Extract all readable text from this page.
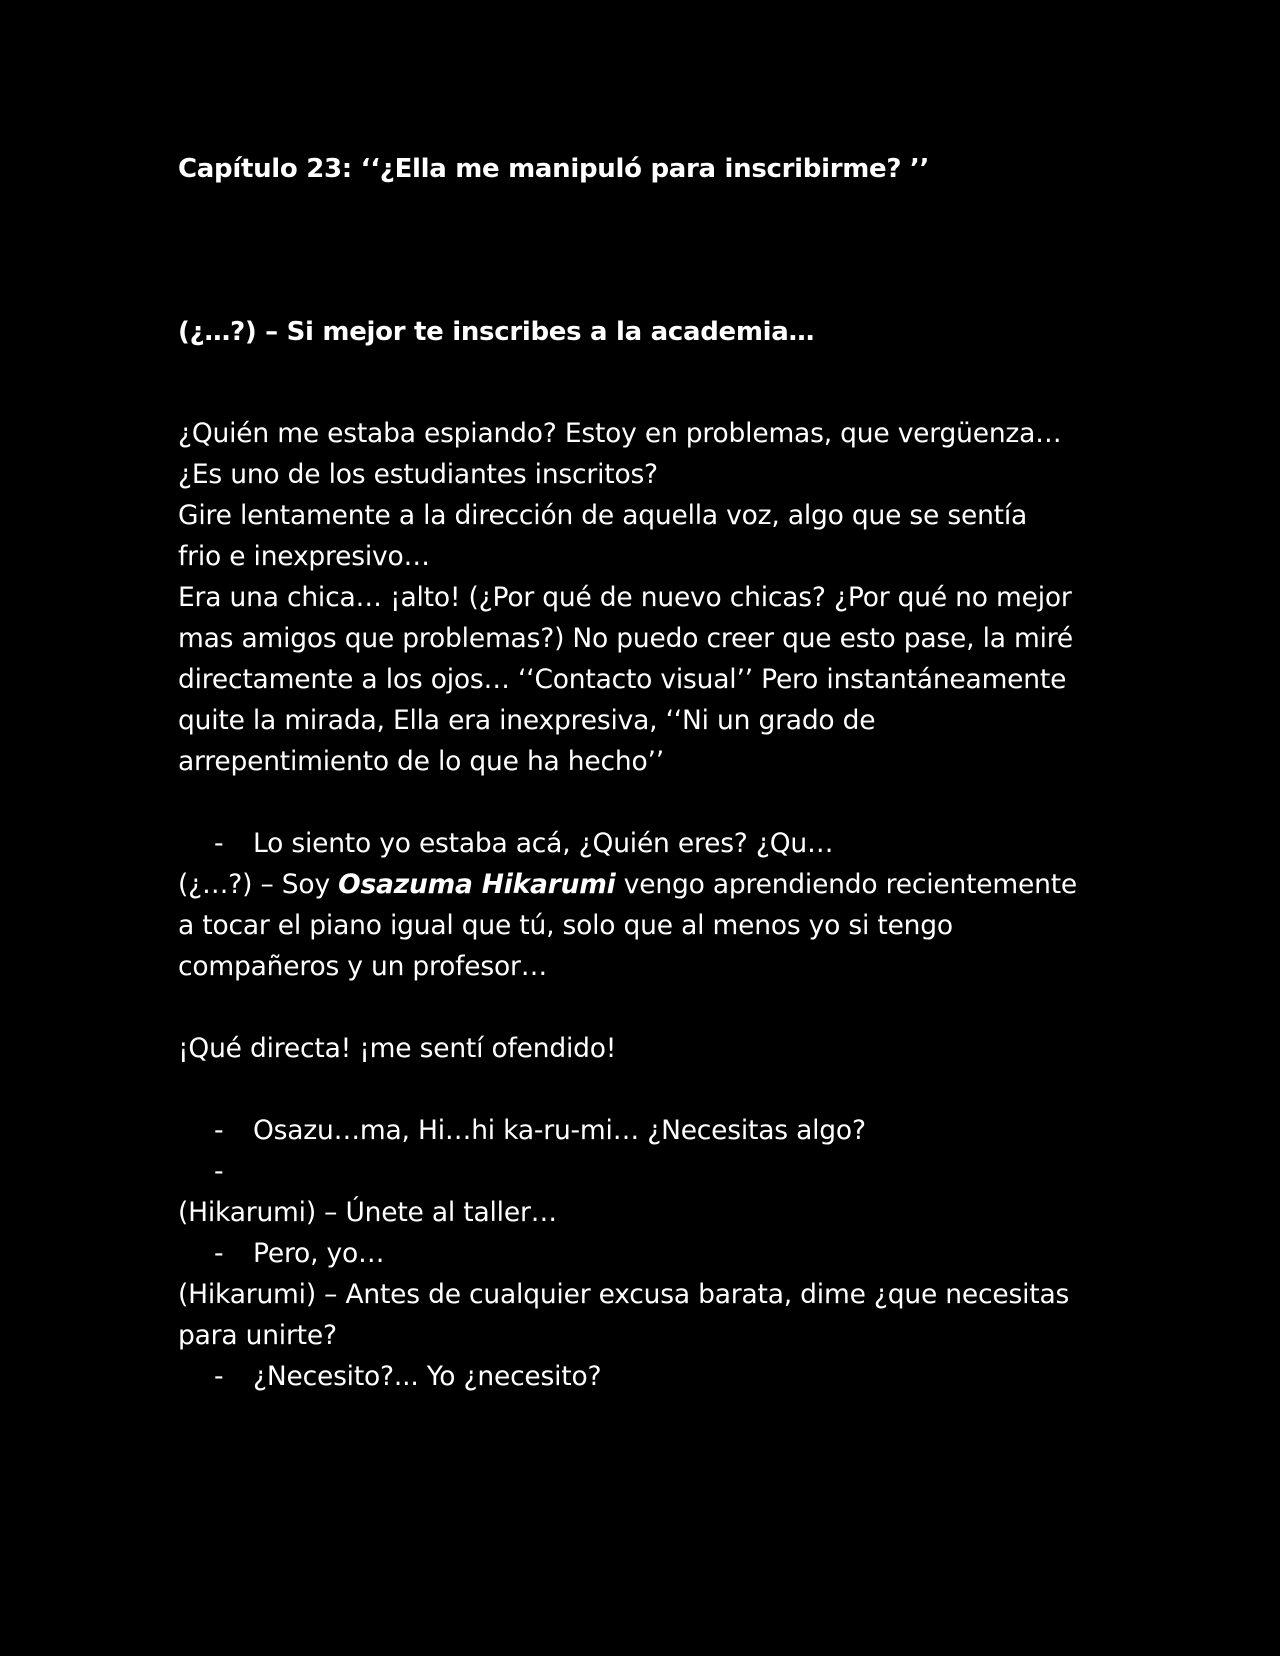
Capítulo 23: ‘‘¿Ella me manipuló para inscribirme? ’’
(¿…?) – Si mejor te inscribes a la academia…
¿Quién me estaba espiando? Estoy en problemas, que vergüenza…
¿Es uno de los estudiantes inscritos?
Gire lentamente a la dirección de aquella voz, algo que se sentía
frio e inexpresivo…
Era una chica… ¡alto! (¿Por qué de nuevo chicas? ¿Por qué no mejor
mas amigos que problemas?) No puedo creer que esto pase, la miré
directamente a los ojos… ‘‘Contacto visual’’ Pero instantáneamente
quite la mirada, Ella era inexpresiva, ‘‘Ni un grado de
arrepentimiento de lo que ha hecho’’
- Lo siento yo estaba acá, ¿Quién eres? ¿Qu…
(¿…?) – Soy Osazuma Hikarumi vengo aprendiendo recientemente
a tocar el piano igual que tú, solo que al menos yo si tengo
compañeros y un profesor…
¡Qué directa! ¡me sentí ofendido!
- Osazu…ma, Hi…hi ka-ru-mi… ¿Necesitas algo?
-
(Hikarumi) – Únete al taller…
- Pero, yo…
(Hikarumi) – Antes de cualquier excusa barata, dime ¿que necesitas
para unirte?
- ¿Necesito?... Yo ¿necesito?
